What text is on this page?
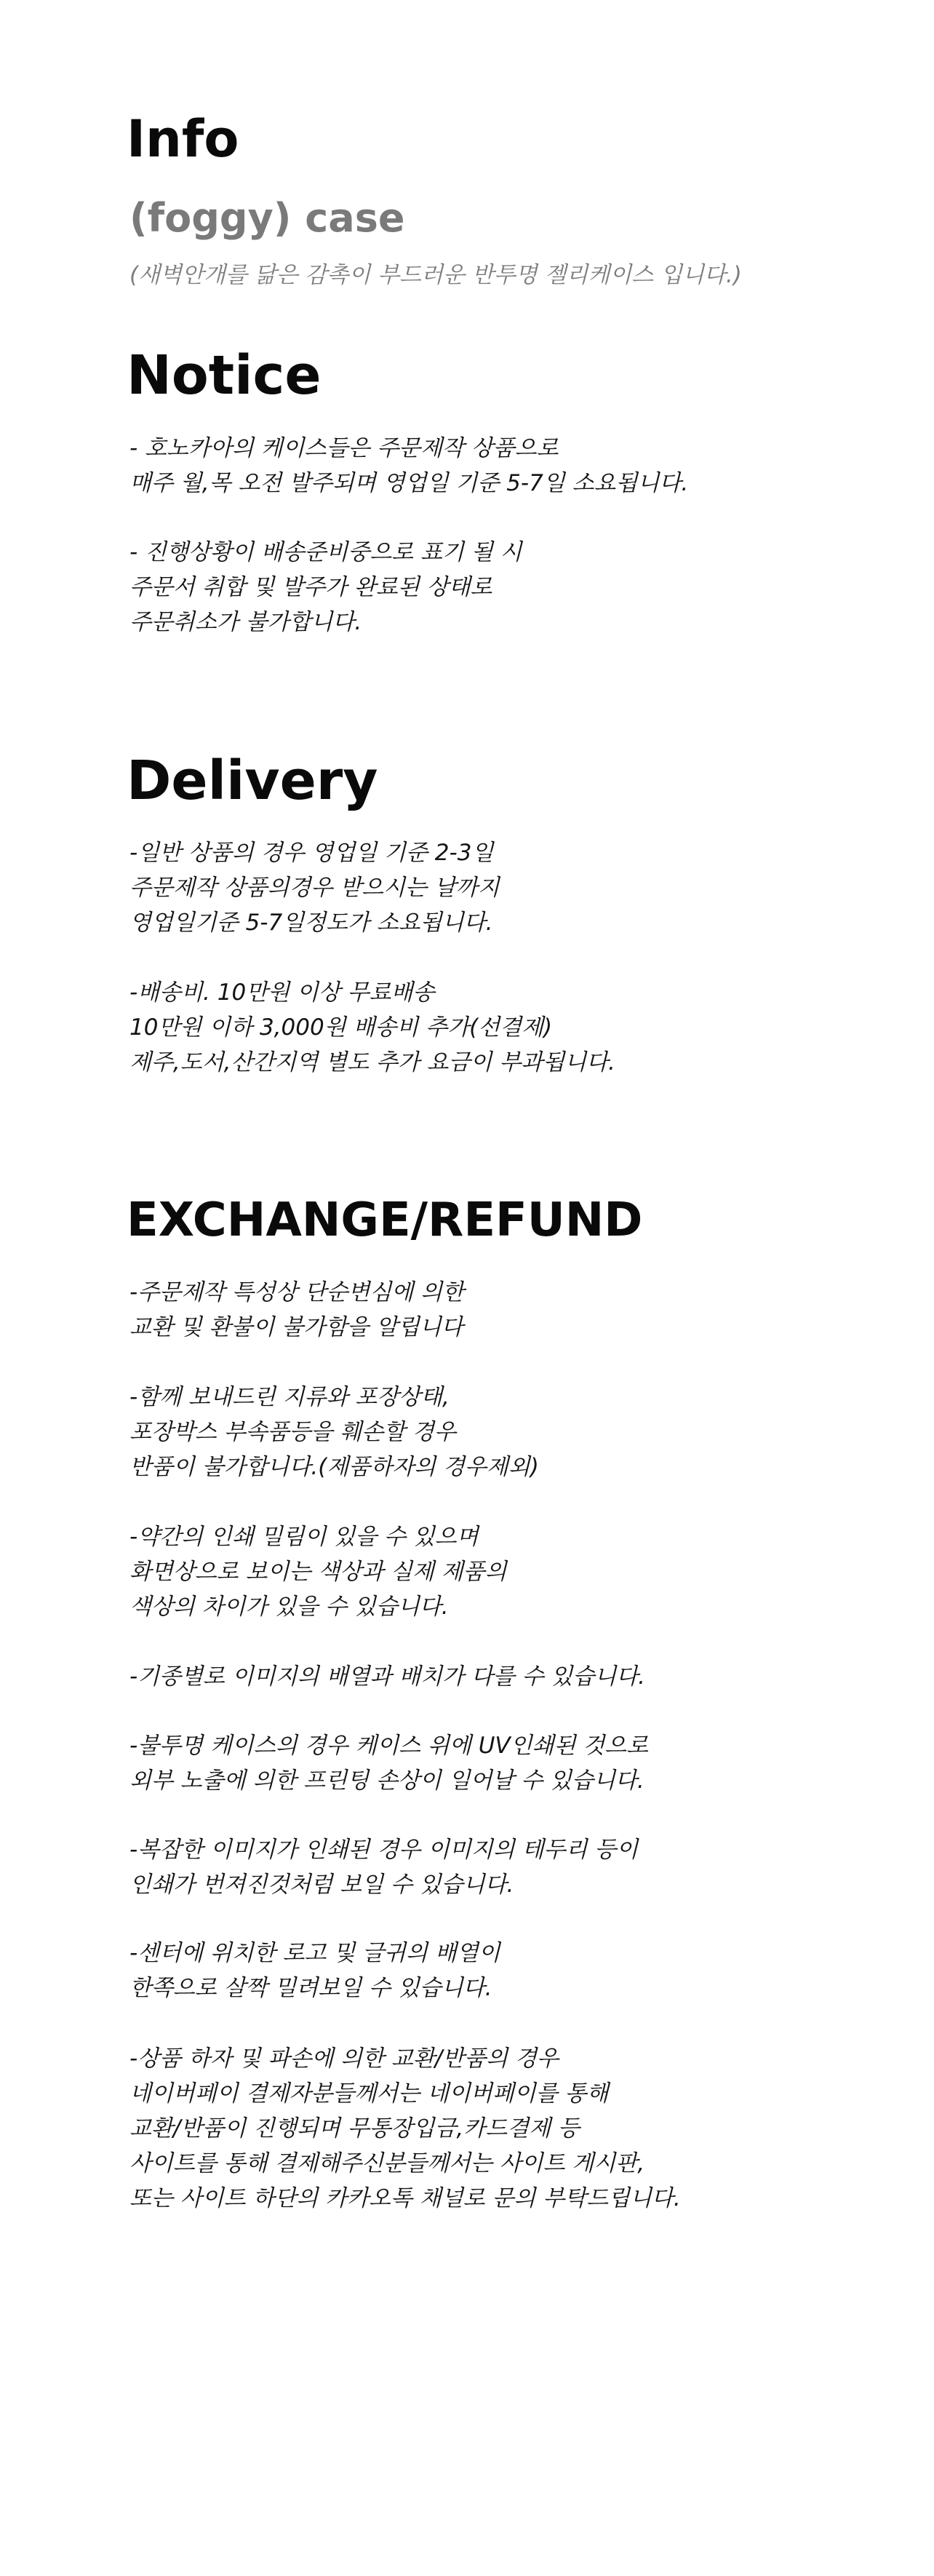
Info

(foggy) case

(새벽안개를 닮은 감촉이 부드러운 반투명 젤리케이스 입니다.)

Notice

- 호노카아의 케이스들은 주문제작 상품으로
매주 월,목 오전 발주되며 영업일 기준 5-7일 소요됩니다.

- 진행상황이 배송준비중으로 표기 될 시
주문서 취합 및 발주가 완료된 상태로
주문취소가 불가합니다.

Delivery

-일반 상품의 경우 영업일 기준 2-3일
주문제작 상품의경우 받으시는 날까지
영업일기준 5-7일정도가 소요됩니다.

-배송비. 10만원 이상 무료배송
10만원 이하 3,000원 배송비 추가(선결제)
제주,도서,산간지역 별도 추가 요금이 부과됩니다.

EXCHANGE/REFUND

-주문제작 특성상 단순변심에 의한
교환 및 환불이 불가함을 알립니다

-함께 보내드린 지류와 포장상태,
포장박스 부속품등을 훼손할 경우
반품이 불가합니다.(제품하자의 경우제외)

-약간의 인쇄 밀림이 있을 수 있으며
화면상으로 보이는 색상과 실제 제품의
색상의 차이가 있을 수 있습니다.

-기종별로 이미지의 배열과 배치가 다를 수 있습니다.

-불투명 케이스의 경우 케이스 위에 UV인쇄된 것으로
외부 노출에 의한 프린팅 손상이 일어날 수 있습니다.

-복잡한 이미지가 인쇄된 경우 이미지의 테두리 등이
인쇄가 번져진것처럼 보일 수 있습니다.

-센터에 위치한 로고 및 글귀의 배열이
한쪽으로 살짝 밀려보일 수 있습니다.

-상품 하자 및 파손에 의한 교환/반품의 경우
네이버페이 결제자분들께서는 네이버페이를 통해
교환/반품이 진행되며 무통장입금,카드결제 등
사이트를 통해 결제해주신분들께서는 사이트 게시판,
또는 사이트 하단의 카카오톡 채널로 문의 부탁드립니다.
